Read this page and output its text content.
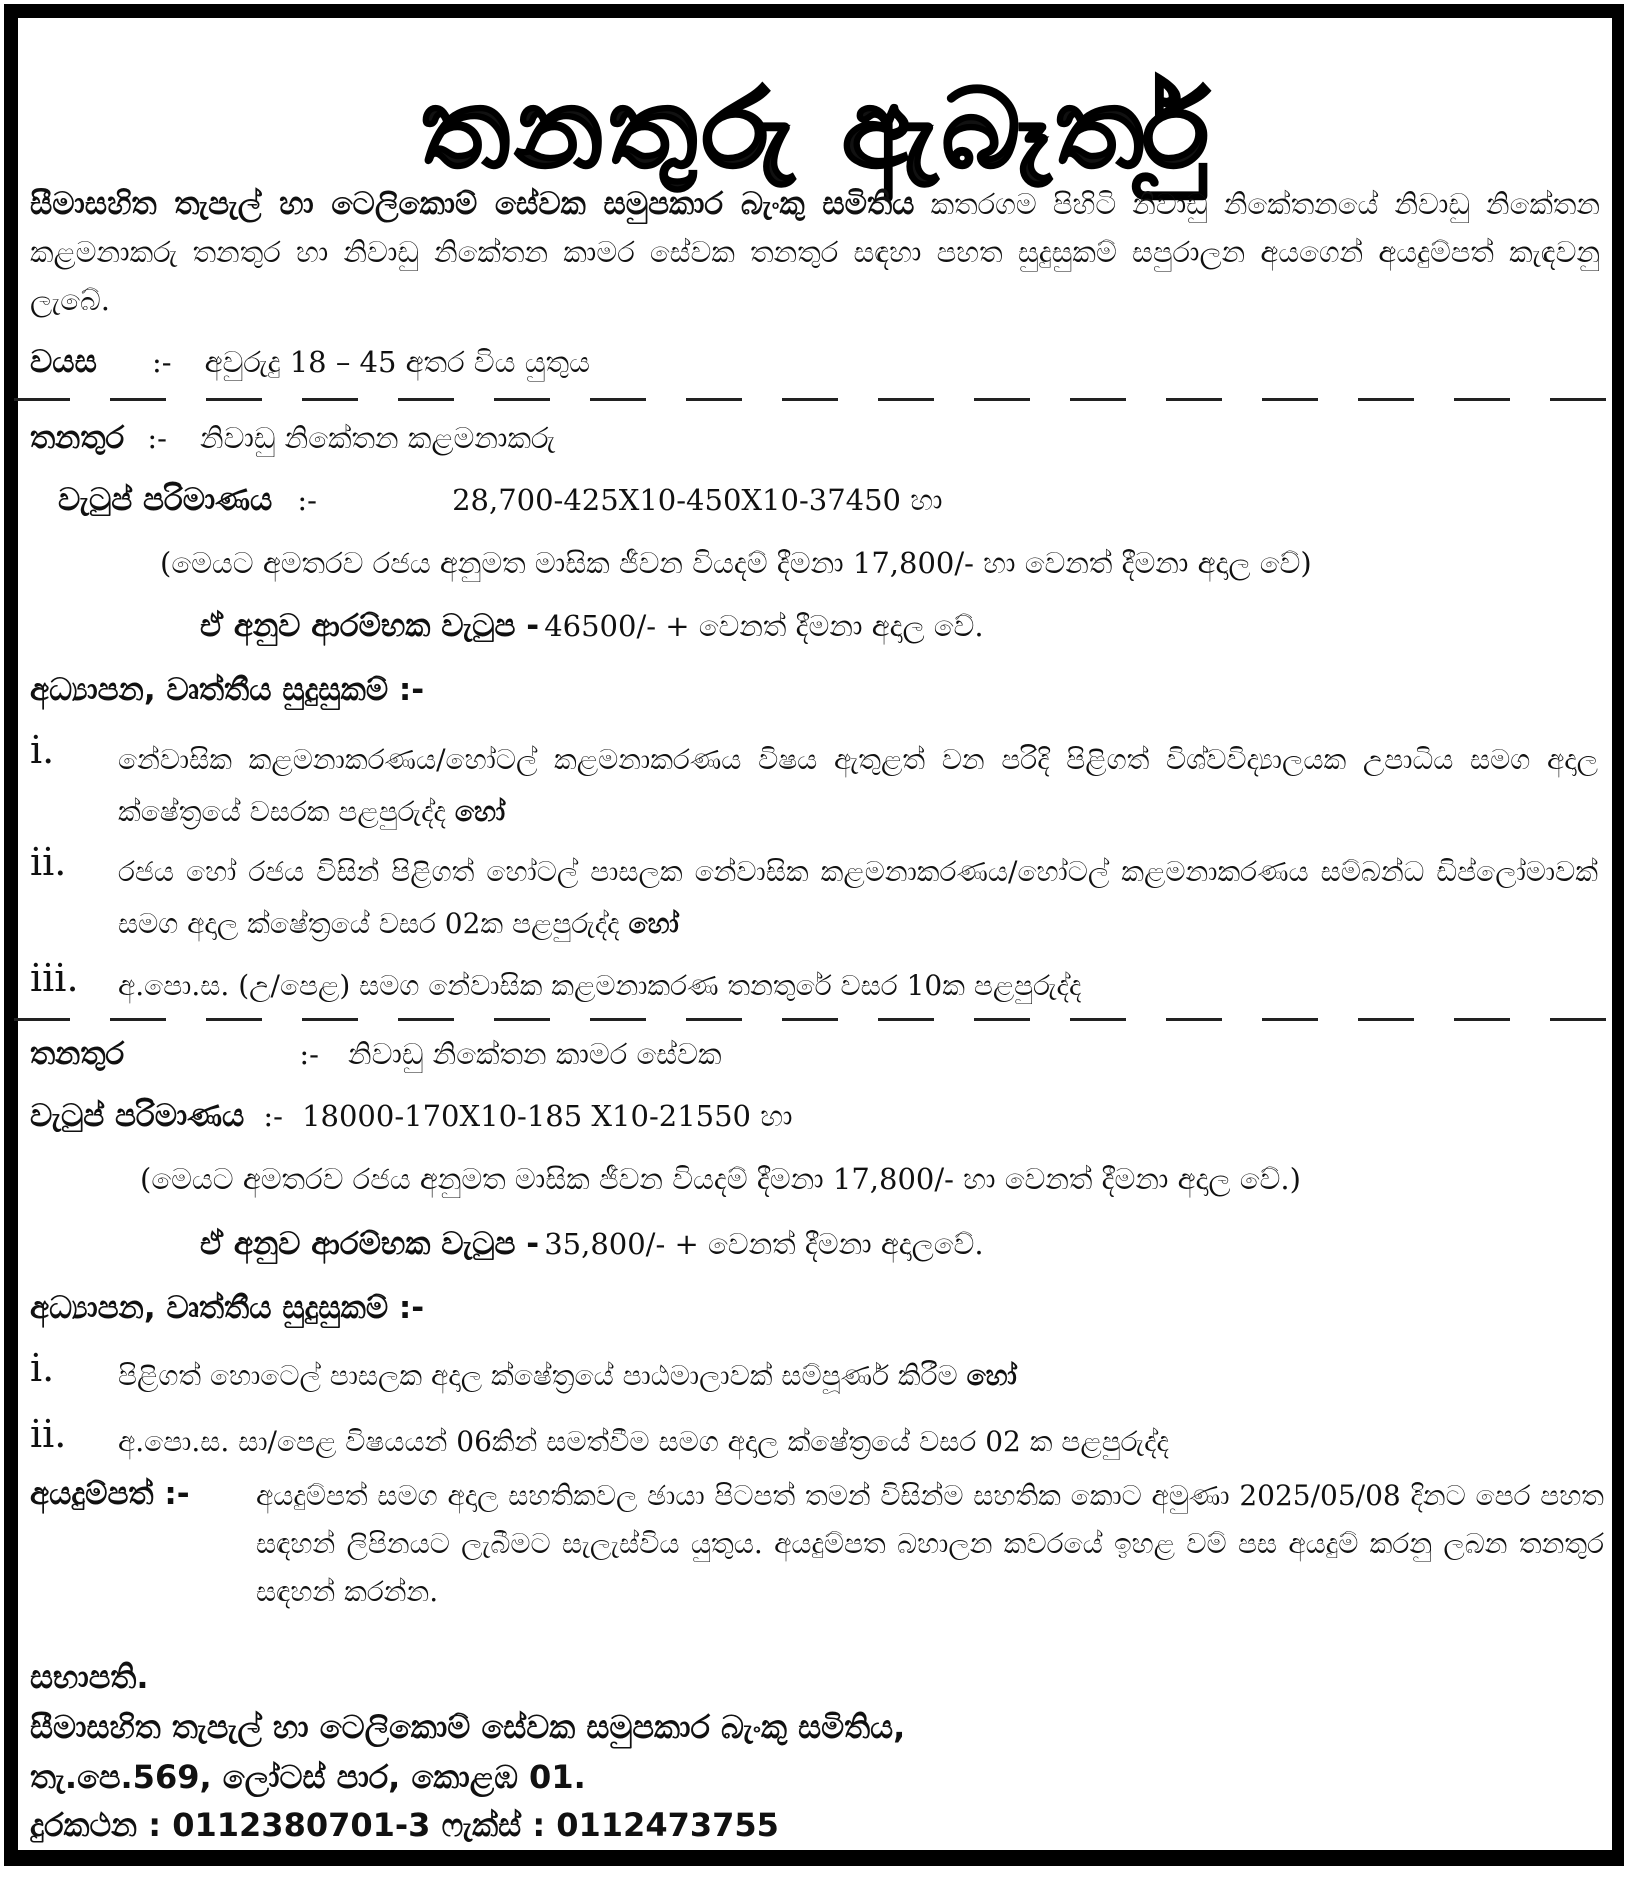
තනතුරු ඇබෑර්තු
සීමාසහිත තැපැල් හා ටෙලිකොම් සේවක සමුපකාර බැංකු සමිතිය කතරගම පිහිටි නිවාඩු නිකේතනයේ නිවාඩු නිකේතන කළමනාකරු තනතුර හා නිවාඩු නිකේතන කාමර සේවක තනතුර සඳහා පහත සුදුසුකම් සපුරාලන අයගෙන් අයදුම්පත් කැඳවනු ලැබේ.
වයස :- අවුරුදු 18 – 45 අතර විය යුතුය
තනතුර :- නිවාඩු නිකේතන කළමනාකරු
වැටුප් පරිමාණය :-	28,700-425X10-450X10-37450 හා
(මෙයට අමතරව රජය අනුමත මාසික ජීවන වියදම් දීමනා 17,800/- හා වෙනත් දීමනා අදාල වේ)
ඒ අනුව ආරම්භක වැටුප - 46500/- + වෙනත් දීමනා අදාල වේ.
අධ්‍යාපන, වෘත්තීය සුදුසුකම් :-
i. නේවාසික කළමනාකරණය/හෝටල් කළමනාකරණය විෂය ඇතුළත් වන පරිදි පිළිගත් විශ්වවිද්‍යාලයක උපාධිය සමග අදාල ක්ෂේත්‍රයේ වසරක පළපුරුද්ද හෝ
ii. රජය හෝ රජය විසින් පිළිගත් හෝටල් පාසලක නේවාසික කළමනාකරණය/හෝටල් කළමනාකරණය සම්බන්ධ ඩිප්ලෝමාවක් සමග අදාල ක්ෂේත්‍රයේ වසර 02ක පළපුරුද්ද හෝ
iii. අ.පො.ස. (උ/පෙළ) සමග නේවාසික කළමනාකරණ තනතුරේ වසර 10ක පළපුරුද්ද
තනතුර	:- නිවාඩු නිකේතන කාමර සේවක
වැටුප් පරිමාණය :- 18000-170X10-185 X10-21550 හා
(මෙයට අමතරව රජය අනුමත මාසික ජීවන වියදම් දීමනා 17,800/- හා වෙනත් දීමනා අදාල වේ.)
ඒ අනුව ආරම්භක වැටුප - 35,800/- + වෙනත් දීමනා අදාලවේ.
අධ්‍යාපන, වෘත්තීය සුදුසුකම් :-
i. පිළිගත් හොටෙල් පාසලක අදාල ක්ෂේත්‍රයේ පාඨමාලාවක් සම්පූර්ණ කිරීම හෝ
ii. අ.පො.ස. සා/පෙළ විෂයයන් 06කින් සමත්වීම සමග අදාල ක්ෂේත්‍රයේ වසර 02 ක පළපුරුද්ද
අයදුම්පත් :- අයදුම්පත් සමග අදාල සහතිකවල ඡායා පිටපත් තමන් විසින්ම සහතික කොට අමුණා 2025/05/08 දිනට පෙර පහත සඳහන් ලිපිනයට ලැබීමට සැලැස්විය යුතුය. අයදුම්පත බහාලන කවරයේ ඉහළ වම් පස අයදුම් කරනු ලබන තනතුර සඳහන් කරන්න.
සභාපති.
සීමාසහිත තැපැල් හා ටෙලිකොම් සේවක සමුපකාර බැංකු සමිතිය,
තැ.පෙ.569, ලෝටස් පාර, කොළඹ 01.
දුරකථන : 0112380701-3 ෆැක්ස් : 0112473755
